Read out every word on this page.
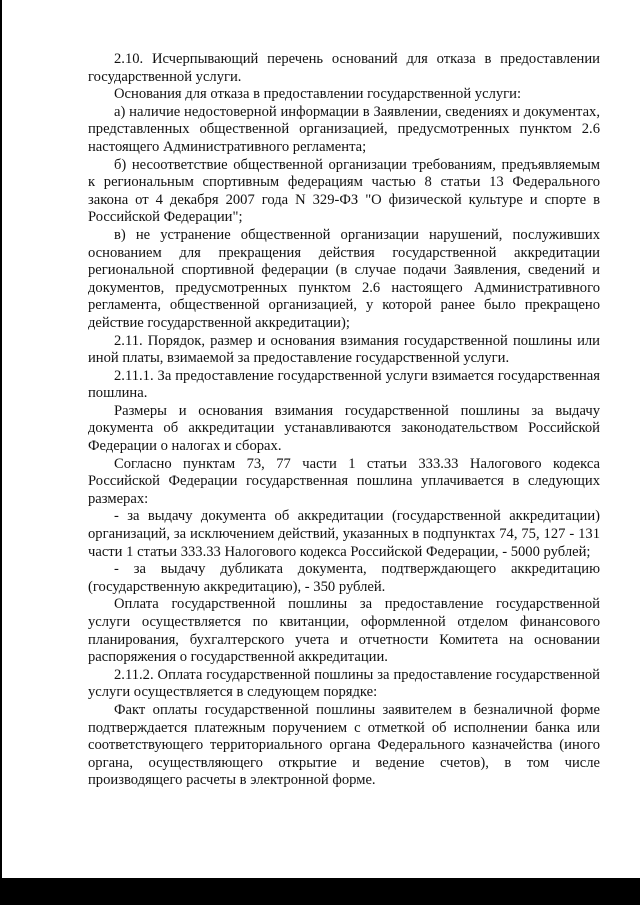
2.10. Исчерпывающий перечень оснований для отказа в предоставлении государственной услуги.

Основания для отказа в предоставлении государственной услуги:

а) наличие недостоверной информации в Заявлении, сведениях и документах, представленных общественной организацией, предусмотренных пунктом 2.6 настоящего Административного регламента;

б) несоответствие общественной организации требованиям, предъявляемым к региональным спортивным федерациям частью 8 статьи 13 Федерального закона от 4 декабря 2007 года N 329-ФЗ "О физической культуре и спорте в Российской Федерации";

в) не устранение общественной организации нарушений, послуживших основанием для прекращения действия государственной аккредитации региональной спортивной федерации (в случае подачи Заявления, сведений и документов, предусмотренных пунктом 2.6 настоящего Административного регламента, общественной организацией, у которой ранее было прекращено действие государственной аккредитации);

2.11. Порядок, размер и основания взимания государственной пошлины или иной платы, взимаемой за предоставление государственной услуги.

2.11.1. За предоставление государственной услуги взимается государственная пошлина.

Размеры и основания взимания государственной пошлины за выдачу документа об аккредитации устанавливаются законодательством Российской Федерации о налогах и сборах.

Согласно пунктам 73, 77 части 1 статьи 333.33 Налогового кодекса Российской Федерации государственная пошлина уплачивается в следующих размерах:

- за выдачу документа об аккредитации (государственной аккредитации) организаций, за исключением действий, указанных в подпунктах 74, 75, 127 - 131 части 1 статьи 333.33 Налогового кодекса Российской Федерации, - 5000 рублей;

- за выдачу дубликата документа, подтверждающего аккредитацию (государственную аккредитацию), - 350 рублей.

Оплата государственной пошлины за предоставление государственной услуги осуществляется по квитанции, оформленной отделом финансового планирования, бухгалтерского учета и отчетности Комитета на основании распоряжения о государственной аккредитации.

2.11.2. Оплата государственной пошлины за предоставление государственной услуги осуществляется в следующем порядке:

Факт оплаты государственной пошлины заявителем в безналичной форме подтверждается платежным поручением с отметкой об исполнении банка или соответствующего территориального органа Федерального казначейства (иного органа, осуществляющего открытие и ведение счетов), в том числе производящего расчеты в электронной форме.
